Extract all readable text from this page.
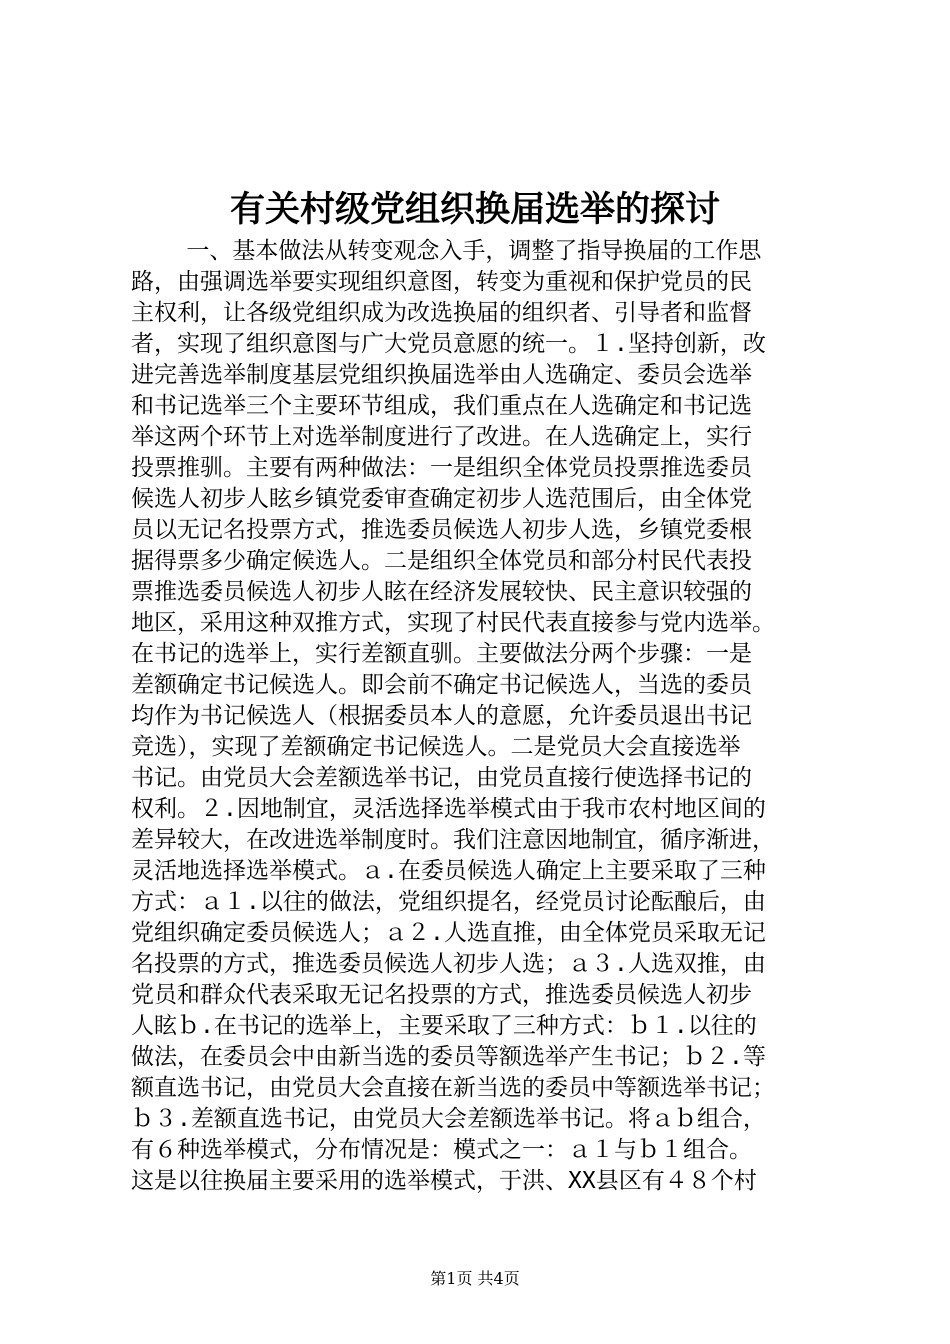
有关村级党组织换届选举的探讨
一、基本做法从转变观念入手，调整了指导换届的工作思
路，由强调选举要实现组织意图，转变为重视和保护党员的民
主权利，让各级党组织成为改选换届的组织者、引导者和监督
者，实现了组织意图与广大党员意愿的统一。１.坚持创新，改
进完善选举制度基层党组织换届选举由人选确定、委员会选举
和书记选举三个主要环节组成，我们重点在人选确定和书记选
举这两个环节上对选举制度进行了改进。在人选确定上，实行
投票推驯。主要有两种做法：一是组织全体党员投票推选委员
候选人初步人眩乡镇党委审查确定初步人选范围后，由全体党
员以无记名投票方式，推选委员候选人初步人选，乡镇党委根
据得票多少确定候选人。二是组织全体党员和部分村民代表投
票推选委员候选人初步人眩在经济发展较快、民主意识较强的
地区，采用这种双推方式，实现了村民代表直接参与党内选举。
在书记的选举上，实行差额直驯。主要做法分两个步骤：一是
差额确定书记候选人。即会前不确定书记候选人，当选的委员
均作为书记候选人（根据委员本人的意愿，允许委员退出书记
竞选），实现了差额确定书记候选人。二是党员大会直接选举
书记。由党员大会差额选举书记，由党员直接行使选择书记的
权利。２.因地制宜，灵活选择选举模式由于我市农村地区间的
差异较大，在改进选举制度时。我们注意因地制宜，循序渐进，
灵活地选择选举模式。ａ.在委员候选人确定上主要采取了三种
方式：ａ１.以往的做法，党组织提名，经党员讨论酝酿后，由
党组织确定委员候选人；ａ２.人选直推，由全体党员采取无记
名投票的方式，推选委员候选人初步人选；ａ３.人选双推，由
党员和群众代表采取无记名投票的方式，推选委员候选人初步
人眩ｂ.在书记的选举上，主要采取了三种方式：ｂ１.以往的
做法，在委员会中由新当选的委员等额选举产生书记；ｂ２.等
额直选书记，由党员大会直接在新当选的委员中等额选举书记；
ｂ３.差额直选书记，由党员大会差额选举书记。将ａｂ组合，
有６种选举模式，分布情况是：模式之一：ａ１与ｂ１组合。
这是以往换届主要采用的选举模式，于洪、XX县区有４８个村
第1页 共4页
